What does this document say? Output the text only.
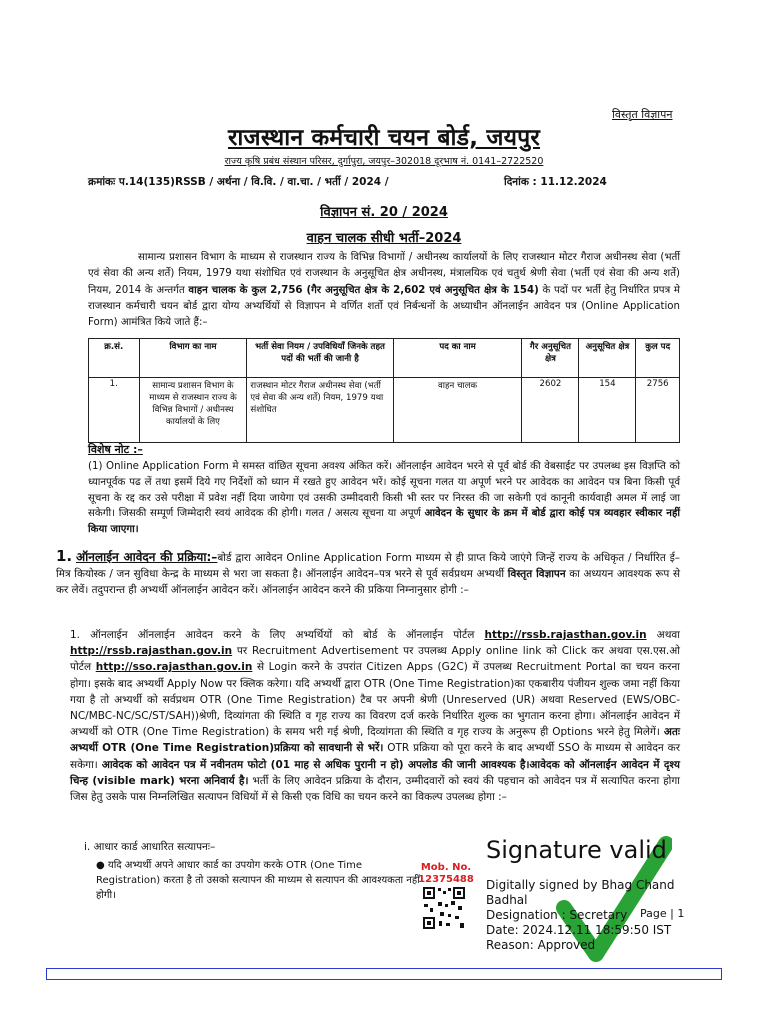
विस्तृत विज्ञापन
राजस्थान कर्मचारी चयन बोर्ड, जयपुर
राज्य कृषि प्रबंध संस्थान परिसर, दुर्गापुरा, जयपुर–302018 दूरभाष नं. 0141–2722520
क्रमांकः प.14(135)RSSB / अर्थना / वि.वि. / वा.चा. / भर्ती / 2024 /	दिनांक : 11.12.2024
विज्ञापन सं. 20 / 2024
वाहन चालक सीधी भर्ती–2024
सामान्य प्रशासन विभाग के माध्यम से राजस्थान राज्य के विभिन्न विभागों / अधीनस्थ कार्यालयों के लिए राजस्थान मोटर गैराज अधीनस्थ सेवा (भर्ती एवं सेवा की अन्य शर्ते) नियम, 1979 यथा संशोधित एवं राजस्थान के अनुसूचित क्षेत्र अधीनस्थ, मंत्रालयिक एवं चतुर्थ श्रेणी सेवा (भर्ती एवं सेवा की अन्य शर्ते) नियम, 2014 के अन्तर्गत वाहन चालक के कुल 2,756 (गैर अनुसूचित क्षेत्र के 2,602 एवं अनुसूचित क्षेत्र के 154) के पदों पर भर्ती हेतु निर्धारित प्रपत्र मे राजस्थान कर्मचारी चयन बोर्ड द्वारा योग्य अभ्यर्थियों से विज्ञापन मे वर्णित शर्तो एवं निर्बन्धनों के अध्याधीन ऑनलाईन आवेदन पत्र (Online Application Form) आमंत्रित किये जाते हैं:–
क्र.सं.	विभाग का नाम	भर्ती सेवा नियम / उपविधियाँ जिनके तहत पदों की भर्ती की जानी है	पद का नाम	गैर अनुसूचित क्षेत्र	अनुसूचित क्षेत्र	कुल पद
1.	सामान्य प्रशासन विभाग के माध्यम से राजस्थान राज्य के विभिन्न विभागों / अधीनस्थ कार्यालयों के लिए	राजस्थान मोटर गैराज अधीनस्थ सेवा (भर्ती एवं सेवा की अन्य शर्ते) नियम, 1979 यथा संशोधित	वाहन चालक	2602	154	2756
विशेष नोट :–
(1) Online Application Form मे समस्त वांछित सूचना अवश्य अंकित करें। ऑनलाईन आवेदन भरने से पूर्व बोर्ड की वेबसाईट पर उपलब्ध इस विज्ञप्ति को ध्यानपूर्वक पढ लें तथा इसमें दिये गए निर्देशों को ध्यान में रखते हुए आवेदन भरें। कोई सूचना गलत या अपूर्ण भरने पर आवेदक का आवेदन पत्र बिना किसी पूर्व सूचना के रद्द कर उसे परीक्षा में प्रवेश नहीं दिया जायेगा एवं उसकी उम्मीदवारी किसी भी स्तर पर निरस्त की जा सकेगी एवं कानूनी कार्यवाही अमल में लाई जा सकेगी। जिसकी सम्पूर्ण जिम्मेदारी स्वयं आवेदक की होगी। गलत / असत्य सूचना या अपूर्ण आवेदन के सुधार के क्रम में बोर्ड द्वारा कोई पत्र व्यवहार स्वीकार नहीं किया जाएगा।
1. ऑनलाईन आवेदन की प्रक्रिया:–बोर्ड द्वारा आवेदन Online Application Form माध्यम से ही प्राप्त किये जाएंगे जिन्हें राज्य के अधिकृत / निर्धारित ई–मित्र कियोस्क / जन सुविधा केन्द्र के माध्यम से भरा जा सकता है। ऑनलाईन आवेदन–पत्र भरने से पूर्व सर्वप्रथम अभ्यर्थी विस्तृत विज्ञापन का अध्ययन आवश्यक रूप से कर लेवें। तदुपरान्त ही अभ्यर्थी ऑनलाईन आवेदन करें। ऑनलाईन आवेदन करने की प्रकिया निम्नानुसार होगी :–
1. ऑनलाईन ऑनलाईन आवेदन करने के लिए अभ्यर्थियों को बोर्ड के ऑनलाईन पोर्टल http://rssb.rajasthan.gov.in अथवा http://rssb.rajasthan.gov.in पर Recruitment Advertisement पर उपलब्ध Apply online link को Click कर अथवा एस.एस.ओ पोर्टल http://sso.rajasthan.gov.in से Login करने के उपरांत Citizen Apps (G2C) में उपलब्ध Recruitment Portal का चयन करना होगा। इसके बाद अभ्यर्थी Apply Now पर क्लिक करेगा। यदि अभ्यर्थी द्वारा OTR (One Time Registration)का एकबारीय पंजीयन शुल्क जमा नहीं किया गया है तो अभ्यर्थी को सर्वप्रथम OTR (One Time Registration) टैब पर अपनी श्रेणी (Unreserved (UR) अथवा Reserved (EWS/OBC-NC/MBC-NC/SC/ST/SAH))श्रेणी, दिव्यांगता की स्थिति व गृह राज्य का विवरण दर्ज करके निर्धारित शुल्क का भुगतान करना होगा। ऑनलाईन आवेदन में अभ्यर्थी को OTR (One Time Registration) के समय भरी गई श्रेणी, दिव्यांगता की स्थिति व गृह राज्य के अनुरूप ही Options भरने हेतु मिलेगें। अतः अभ्यर्थी OTR (One Time Registration)प्रक्रिया को सावधानी से भरें। OTR प्रक्रिया को पूरा करने के बाद अभ्यर्थी SSO के माध्यम से आवेदन कर सकेगा। आवेदक को आवेदन पत्र में नवीनतम फोटो (01 माह से अधिक पुरानी न हो) अपलोड की जानी आवश्यक है।आवेदक को ऑनलाईन आवेदन में दृश्य चिन्ह (visible mark) भरना अनिवार्य है। भर्ती के लिए आवेदन प्रक्रिया के दौरान, उम्मीदवारों को स्वयं की पहचान को आवेदन पत्र में सत्यापित करना होगा जिस हेतु उसके पास निम्नलिखित सत्यापन विधियों में से किसी एक विधि का चयन करने का विकल्प उपलब्ध होगा :–
i. आधार कार्ड आधारित सत्यापनः–
● यदि अभ्यर्थी अपने आधार कार्ड का उपयोग करके OTR (One Time Registration) करता है तो उसको सत्यापन की माध्यम से सत्यापन की आवश्यकता नहीं होगी।
Mob. No.
12375488
Signature valid
Digitally signed by Bhag Chand
Badhal
Designation : Secretary
Date: 2024.12.11 18:59:50 IST
Reason: Approved
Page | 1
